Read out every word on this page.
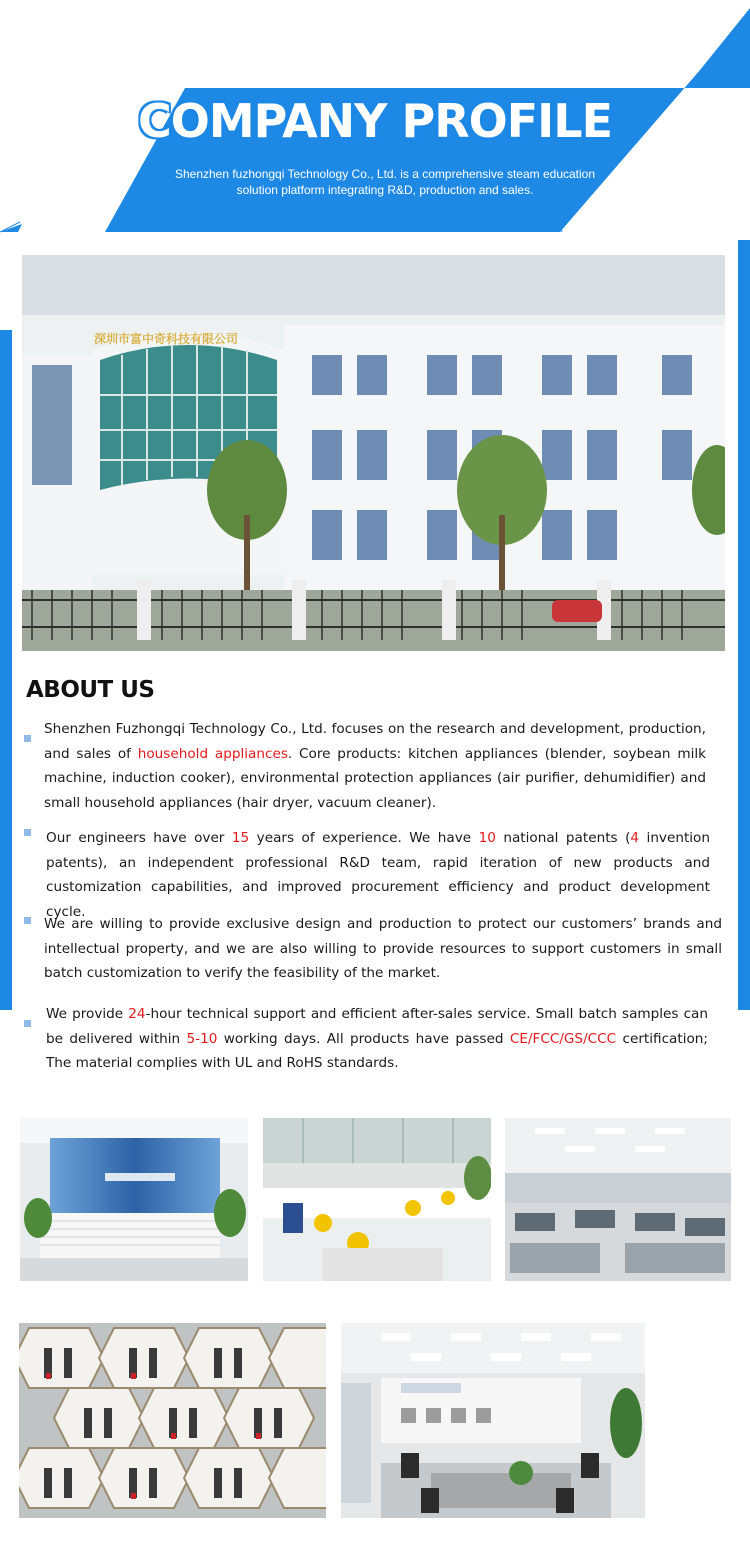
COMPANY PROFILE
Shenzhen fuzhongqi Technology Co., Ltd. is a comprehensive steam education
solution platform integrating R&D, production and sales.
深圳市富中奇科技有限公司
ABOUT US
Shenzhen Fuzhongqi Technology Co., Ltd. focuses on the research and development, production, and sales of household appliances. Core products: kitchen appliances (blender, soybean milk machine, induction cooker), environmental protection appliances (air purifier, dehumidifier) and small household appliances (hair dryer, vacuum cleaner).
Our engineers have over 15 years of experience. We have 10 national patents (4 invention patents), an independent professional R&D team, rapid iteration of new products and customization capabilities, and improved procurement efficiency and product development cycle.
We are willing to provide exclusive design and production to protect our customers’ brands and intellectual property, and we are also willing to provide resources to support customers in small batch customization to verify the feasibility of the market.
We provide 24-hour technical support and efficient after-sales service. Small batch samples can be delivered within 5-10 working days. All products have passed CE/FCC/GS/CCC certification; The material complies with UL and RoHS standards.
